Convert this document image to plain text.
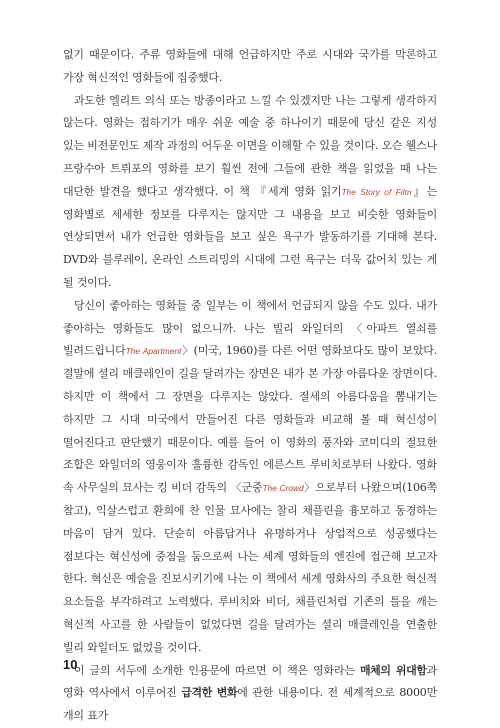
없기 때문이다. 주류 영화들에 대해 언급하지만 주로 시대와 국가를 막론하고 가장 혁신적인 영화들에 집중했다.

과도한 엘리트 의식 또는 방종이라고 느낄 수 있겠지만 나는 그렇게 생각하지 않는다. 영화는 접하기가 매우 쉬운 예술 중 하나이기 때문에 당신 같은 지성 있는 비전문인도 제작 과정의 어두운 이면을 이해할 수 있을 것이다. 오슨 웰스나 프랑수아 트뤼포의 영화를 보기 훨씬 전에 그들에 관한 책을 읽었을 때 나는 대단한 발견을 했다고 생각했다. 이 책 『세계 영화 읽기The Story of Film』는 영화별로 세세한 정보를 다루지는 않지만 그 내용을 보고 비슷한 영화들이 연상되면서 내가 언급한 영화들을 보고 싶은 욕구가 발동하기를 기대해 본다. DVD와 블루레이, 온라인 스트리밍의 시대에 그런 욕구는 더욱 값어치 있는 게 될 것이다.

당신이 좋아하는 영화들 중 일부는 이 책에서 언급되지 않을 수도 있다. 내가 좋아하는 영화들도 많이 없으니까. 나는 빌리 와일더의 〈아파트 열쇠를 빌려드립니다The Apartment〉(미국, 1960)를 다른 어떤 영화보다도 많이 보았다. 결말에 셜리 매클레인이 길을 달려가는 장면은 내가 본 가장 아름다운 장면이다. 하지만 이 책에서 그 장면을 다루지는 않았다. 절세의 아름다움을 뽐내기는 하지만 그 시대 미국에서 만들어진 다른 영화들과 비교해 볼 때 혁신성이 떨어진다고 판단했기 때문이다. 예를 들어 이 영화의 풍자와 코미디의 절묘한 조합은 와일더의 영웅이자 훌륭한 감독인 에른스트 루비치로부터 나왔다. 영화 속 사무실의 묘사는 킹 비더 감독의 〈군중The Crowd〉으로부터 나왔으며(106쪽 참고), 익살스럽고 환희에 찬 인물 묘사에는 찰리 채플린을 흉모하고 동경하는 마음이 담겨 있다. 단순히 아름답거나 유명하거나 상업적으로 성공했다는 점보다는 혁신성에 중점을 둠으로써 나는 세계 영화들의 엔진에 접근해 보고자 한다. 혁신은 예술을 진보시키기에 나는 이 책에서 세계 영화사의 주요한 혁신적 요소들을 부각하려고 노력했다. 루비치와 비더, 채플린처럼 기존의 틀을 깨는 혁신적 사고를 한 사람들이 없었다면 길을 달려가는 셜리 매클레인을 연출한 빌리 와일더도 없었을 것이다.

이 글의 서두에 소개한 인용문에 따르면 이 책은 영화라는 매체의 위대함과 영화 역사에서 이루어진 급격한 변화에 관한 내용이다. 전 세계적으로 8000만 개의 표가

10
